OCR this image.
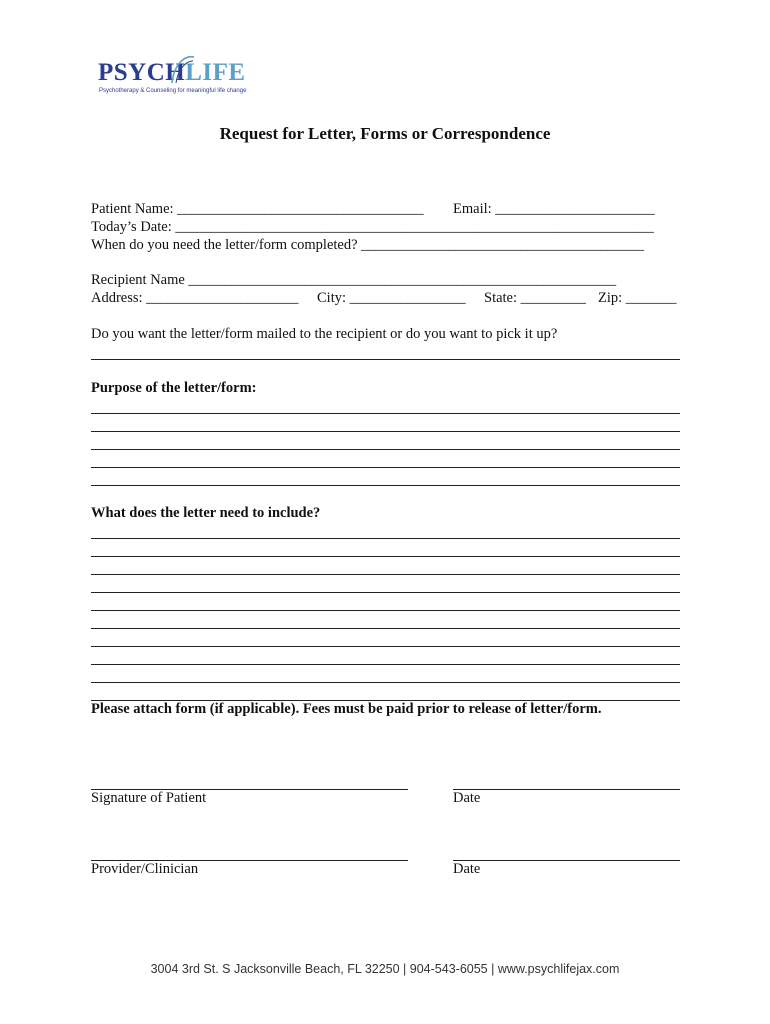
PSYCHLIFE
Psychotherapy & Counseling for meaningful life change
Request for Letter, Forms or Correspondence
Patient Name: __________________________________ Email: ______________________
Today’s Date: __________________________________________________________________
When do you need the letter/form completed? _______________________________________
Recipient Name ___________________________________________________________
Address: _____________________ City: ________________ State: _________ Zip: _______
Do you want the letter/form mailed to the recipient or do you want to pick it up?
Purpose of the letter/form:
What does the letter need to include?
Please attach form (if applicable). Fees must be paid prior to release of letter/form.
Signature of Patient	Date
Provider/Clinician	Date
3004 3rd St. S Jacksonville Beach, FL 32250 | 904-543-6055 | www.psychlifejax.com
